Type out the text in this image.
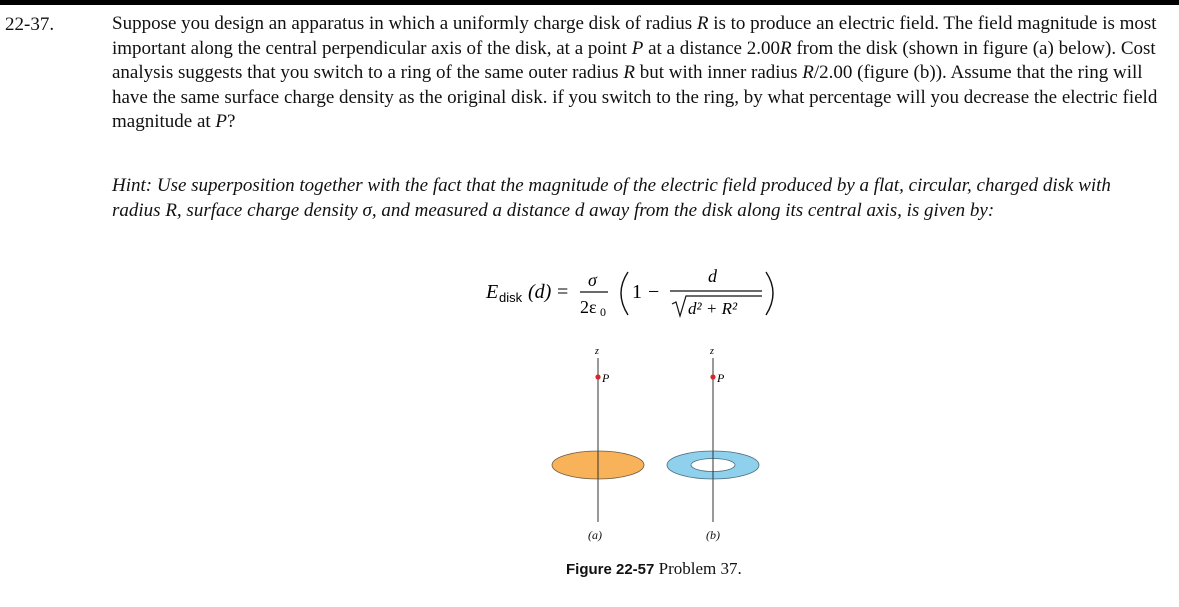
22-37.	Suppose you design an apparatus in which a uniformly charge disk of radius R is to produce an electric field. The field magnitude is most important along the central perpendicular axis of the disk, at a point P at a distance 2.00R from the disk (shown in figure (a) below). Cost analysis suggests that you switch to a ring of the same outer radius R but with inner radius R/2.00 (figure (b)). Assume that the ring will have the same surface charge density as the original disk. if you switch to the ring, by what percentage will you decrease the electric field magnitude at P?

Hint: Use superposition together with the fact that the magnitude of the electric field produced by a flat, circular, charged disk with radius R, surface charge density σ, and measured a distance d away from the disk along its central axis, is given by:

E disk (d) =
σ
2ε 0
1 −
d
d² + R²
z
P
z
P
(a)	(b)
Figure 22-57 Problem 37.
